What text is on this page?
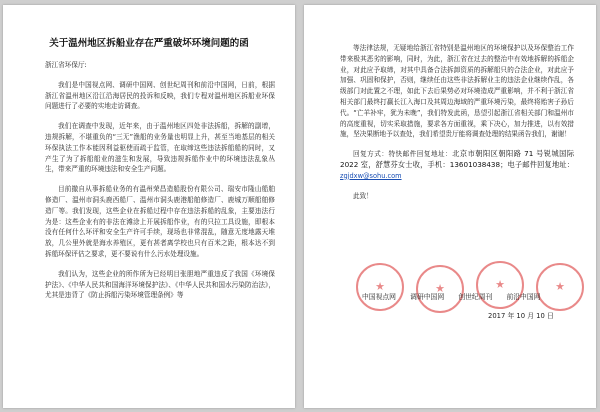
关于温州地区拆船业存在严重破坏环境问题的函

浙江省环保厅:

我们是中国视点网、调研中国网、创世纪周刊和前沿中国网，日前，根据浙江省温州地区沿江沿海居民的投诉和反映，我们专程对温州地区拆船业环保问题进行了必要的实地走访调查。

我们在调查中发现，近年来，由于温州地区四处非法拆船，拆解的副增，违规拆解，不堪重负的“三无”渔船的业务量也明显上升，甚至当地基层的相关环保执法工作本能因利益驱使而疏于监管，在取缔这些违法拆船船的同时，又产生了为了拆船船业的滋生和发展，导致违规拆船作业中的环境违法乱象丛生，带来严重的环境违法和安全生产问题。

目前撤自从事拆船业务的有温州荣昌造船股份有限公司、瑞安市隆山船舶修造厂、温州市洞头鹿西船厂、温州市洞头鹿港船舶修造厂、鹿城万顺船舶修造厂等。我们发现，这些企业在拆船过程中存在违法拆船的乱象，主要违法行为是：这些企业有的非法在滩涂上开展拆船作业，有的只拉工具设施，即根本没有任何什么环评和安全生产许可手续，现场也非常混乱，随意无度地露天堆放，几公里外就是海水养殖区，更有甚者离学校也只有百米之距，根本达不到拆船环保评估之要求，更不要说有什么污水处理设施。

我们认为，这些企业的所作所为已经明目张胆地严重违反了我国《环境保护法》、《中华人民共和国海洋环境保护法》、《中华人民共和国水污染防治法》，尤其是违背了《防止拆船污染环境管理条例》等

等法律法规，无疑地给浙江省特别是温州地区的环境保护以及环保整治工作带来极其恶劣的影响，同时，为此，浙江省在过去的整治中有效地拆解的拆船企业，对此应予取缔，对其中具备合法拆卸资质的拆解船只的合法企业，对此应予加强、巩固和保护，否则，继续任由这些非法拆解业主的违法企业继续作乱，各级部门对此置之不理，如此下去后果势必对环境造成严重影响，并不利于浙江省相关部门最终打赢长江入海口及其周边海域的严重环境污染，最终将贻害子孙后代。“亡羊补牢，犹为未晚”，我们特发此函，恳望引起浙江省相关部门和温州市的高度重视，切实采取措施，要求各方面重视，乘下决心，加力推进，以有效措施，坚决果断地予以查处，我们希望贵厅能将调查处理的结果函告我们，谢谢！

回复方式：特快邮件回复地址：北京市朝阳区朝阳路 71 号锐城国际 2022 室，舒慧芬女士收，手机：13601038438；电子邮件回复地址：zgjdxw@sohu.com

此致！

★
★
★
★
中国视点网 调研中国网 创世纪周刊 前沿中国网
2017 年 10 月 10 日
